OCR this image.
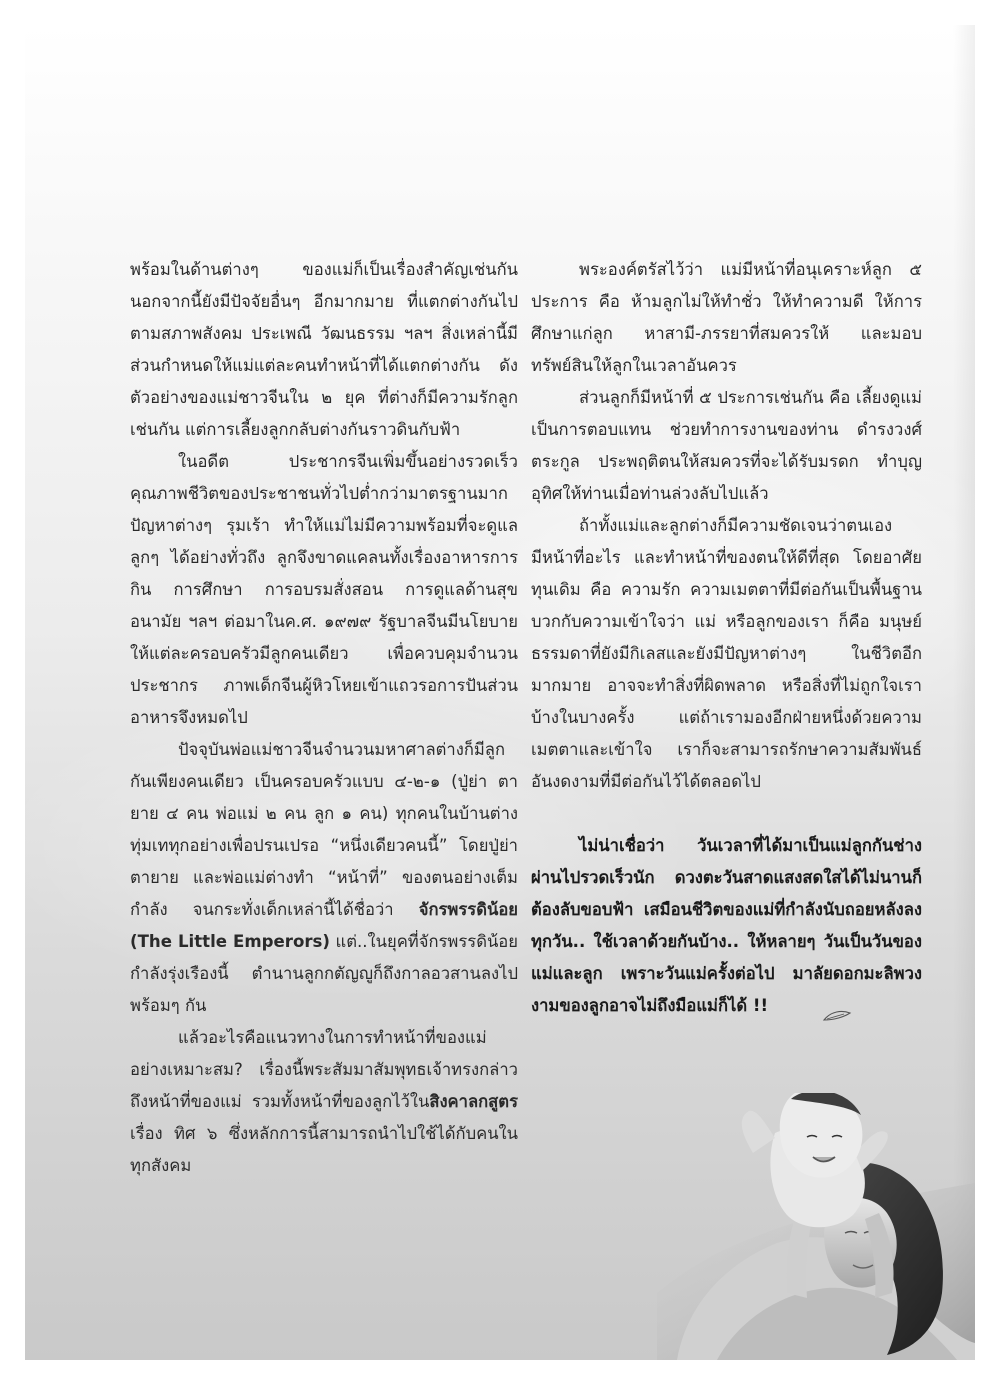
พร้อมในด้านต่างๆ ของแม่ก็เป็นเรื่องสำคัญเช่นกัน นอกจากนี้ยังมีปัจจัยอื่นๆ อีกมากมาย ที่แตกต่างกันไปตามสภาพสังคม ประเพณี วัฒนธรรม ฯลฯ สิ่งเหล่านี้มีส่วนกำหนดให้แม่แต่ละคนทำหน้าที่ได้แตกต่างกัน ดังตัวอย่างของแม่ชาวจีนใน ๒ ยุค ที่ต่างก็มีความรักลูกเช่นกัน แต่การเลี้ยงลูกกลับต่างกันราวดินกับฟ้า

ในอดีต ประชากรจีนเพิ่มขึ้นอย่างรวดเร็ว คุณภาพชีวิตของประชาชนทั่วไปต่ำกว่ามาตรฐานมาก ปัญหาต่างๆ รุมเร้า ทำให้แม่ไม่มีความพร้อมที่จะดูแลลูกๆ ได้อย่างทั่วถึง ลูกจึงขาดแคลนทั้งเรื่องอาหารการกิน การศึกษา การอบรมสั่งสอน การดูแลด้านสุขอนามัย ฯลฯ ต่อมาในค.ศ. ๑๙๗๙ รัฐบาลจีนมีนโยบายให้แต่ละครอบครัวมีลูกคนเดียว เพื่อควบคุมจำนวนประชากร ภาพเด็กจีนผู้หิวโหยเข้าแถวรอการปันส่วนอาหารจึงหมดไป

ปัจจุบันพ่อแม่ชาวจีนจำนวนมหาศาลต่างก็มีลูกกันเพียงคนเดียว เป็นครอบครัวแบบ ๔-๒-๑ (ปู่ย่า ตายาย ๔ คน พ่อแม่ ๒ คน ลูก ๑ คน) ทุกคนในบ้านต่างทุ่มเททุกอย่างเพื่อปรนเปรอ “หนึ่งเดียวคนนี้” โดยปู่ย่า ตายาย และพ่อแม่ต่างทำ “หน้าที่” ของตนอย่างเต็มกำลัง จนกระทั่งเด็กเหล่านี้ได้ชื่อว่า จักรพรรดิน้อย (The Little Emperors) แต่..ในยุคที่จักรพรรดิน้อยกำลังรุ่งเรืองนี้ ตำนานลูกกตัญญูก็ถึงกาลอวสานลงไปพร้อมๆ กัน

แล้วอะไรคือแนวทางในการทำหน้าที่ของแม่อย่างเหมาะสม? เรื่องนี้พระสัมมาสัมพุทธเจ้าทรงกล่าวถึงหน้าที่ของแม่ รวมทั้งหน้าที่ของลูกไว้ในสิงคาลกสูตร เรื่อง ทิศ ๖ ซึ่งหลักการนี้สามารถนำไปใช้ได้กับคนในทุกสังคม

พระองค์ตรัสไว้ว่า แม่มีหน้าที่อนุเคราะห์ลูก ๕ ประการ คือ ห้ามลูกไม่ให้ทำชั่ว ให้ทำความดี ให้การศึกษาแก่ลูก หาสามี-ภรรยาที่สมควรให้ และมอบทรัพย์สินให้ลูกในเวลาอันควร

ส่วนลูกก็มีหน้าที่ ๕ ประการเช่นกัน คือ เลี้ยงดูแม่เป็นการตอบแทน ช่วยทำการงานของท่าน ดำรงวงศ์ตระกูล ประพฤติตนให้สมควรที่จะได้รับมรดก ทำบุญอุทิศให้ท่านเมื่อท่านล่วงลับไปแล้ว

ถ้าทั้งแม่และลูกต่างก็มีความชัดเจนว่าตนเองมีหน้าที่อะไร และทำหน้าที่ของตนให้ดีที่สุด โดยอาศัยทุนเดิม คือ ความรัก ความเมตตาที่มีต่อกันเป็นพื้นฐาน บวกกับความเข้าใจว่า แม่ หรือลูกของเรา ก็คือ มนุษย์ธรรมดาที่ยังมีกิเลสและยังมีปัญหาต่างๆ ในชีวิตอีกมากมาย อาจจะทำสิ่งที่ผิดพลาด หรือสิ่งที่ไม่ถูกใจเราบ้างในบางครั้ง แต่ถ้าเรามองอีกฝ่ายหนึ่งด้วยความเมตตาและเข้าใจ เราก็จะสามารถรักษาความสัมพันธ์อันงดงามที่มีต่อกันไว้ได้ตลอดไป

ไม่น่าเชื่อว่า วันเวลาที่ได้มาเป็นแม่ลูกกันช่างผ่านไปรวดเร็วนัก ดวงตะวันสาดแสงสดใสได้ไม่นานก็ต้องลับขอบฟ้า เสมือนชีวิตของแม่ที่กำลังนับถอยหลังลงทุกวัน.. ใช้เวลาด้วยกันบ้าง.. ให้หลายๆ วันเป็นวันของแม่และลูก เพราะวันแม่ครั้งต่อไป มาลัยดอกมะลิพวงงามของลูกอาจไม่ถึงมือแม่ก็ได้ !!
